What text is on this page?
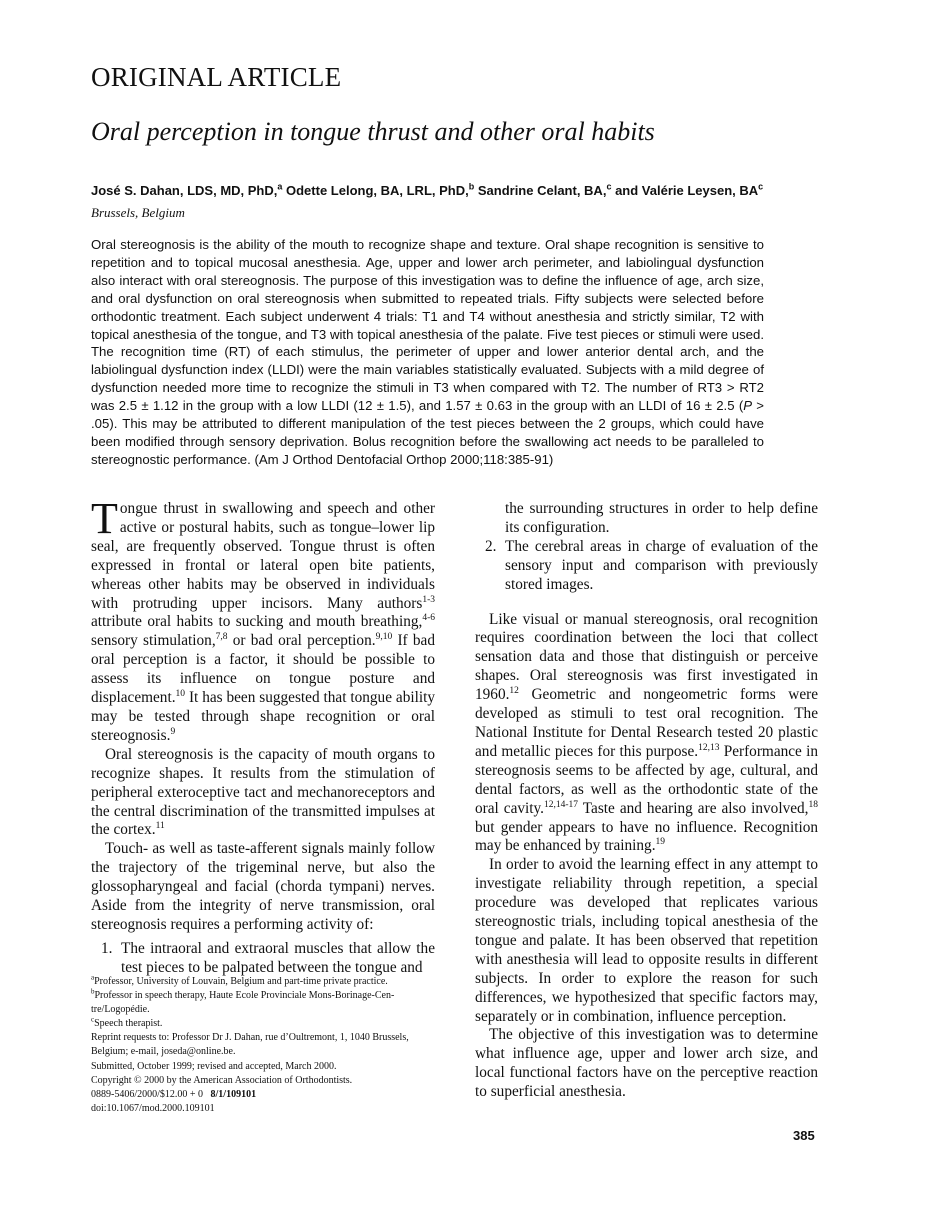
ORIGINAL ARTICLE
Oral perception in tongue thrust and other oral habits
José S. Dahan, LDS, MD, PhD,$^a$ Odette Lelong, BA, LRL, PhD,$^b$ Sandrine Celant, BA,$^c$ and Valérie Leysen, $BA^c$
Brussels, Belgium
Oral stereognosis is the ability of the mouth to recognize shape and texture. Oral shape recognition is sensitive to repetition and to topical mucosal anesthesia. Age, upper and lower arch perimeter, and labiolingual dysfunction also interact with oral stereognosis. The purpose of this investigation was to define the influence of age, arch size, and oral dysfunction on oral stereognosis when submitted to repeated trials. Fifty subjects were selected before orthodontic treatment. Each subject underwent 4 trials: T1 and T4 without anesthesia and strictly similar, T2 with topical anesthesia of the tongue, and T3 with topical anesthesia of the palate. Five test pieces or stimuli were used. The recognition time (RT) of each stimulus, the perimeter of upper and lower anterior dental arch, and the labiolingual dysfunction index (LLDI) were the main variables statistically evaluated. Subjects with a mild degree of dysfunction needed more time to recognize the stimuli in T3 when compared with T2. The number of RT3 > RT2 was 2.5 ± 1.12 in the group with a low LLDI (12 ± 1.5), and 1.57 ± 0.63 in the group with an LLDI of 16 ± 2.5 (P > .05). This may be attributed to different manipulation of the test pieces between the 2 groups, which could have been modified through sensory deprivation. Bolus recognition before the swallowing act needs to be paralleled to stereognostic performance. (Am J Orthod Dentofacial Orthop 2000;118:385-91)

Tongue thrust in swallowing and speech and other active or postural habits, such as tongue–lower lip seal, are frequently observed. Tongue thrust is often expressed in frontal or lateral open bite patients, whereas other habits may be observed in individuals with protruding upper incisors. Many authors$^{1-3}$ attribute oral habits to sucking and mouth breathing,$^{4-6}$ sensory stimulation,$^{7,8}$ or bad oral perception.$^{9,10}$ If bad oral perception is a factor, it should be possible to assess its influence on tongue posture and displacement.$^{10}$ It has been suggested that tongue ability may be tested through shape recognition or oral stereognosis.$^9$

Oral stereognosis is the capacity of mouth organs to recognize shapes. It results from the stimulation of peripheral exteroceptive tact and mechanoreceptors and the central discrimination of the transmitted impulses at the cortex.$^{11}$

Touch- as well as taste-afferent signals mainly follow the trajectory of the trigeminal nerve, but also the glossopharyngeal and facial (chorda tympani) nerves. Aside from the integrity of nerve transmission, oral stereognosis requires a performing activity of:

1. The intraoral and extraoral muscles that allow the test pieces to be palpated between the tongue and
the surrounding structures in order to help define its configuration.
2. The cerebral areas in charge of evaluation of the sensory input and comparison with previously stored images.

Like visual or manual stereognosis, oral recognition requires coordination between the loci that collect sensation data and those that distinguish or perceive shapes. Oral stereognosis was first investigated in 1960.12 Geometric and nongeometric forms were developed as stimuli to test oral recognition. The National Institute for Dental Research tested 20 plastic and metallic pieces for this purpose.$^{12,13}$ Performance in stereognosis seems to be affected by age, cultural, and dental factors, as well as the orthodontic state of the oral cavity.$^{12,14-17}$ Taste and hearing are also involved,$^{18}$ but gender appears to have no influence. Recognition may be enhanced by training.$^{19}$

In order to avoid the learning effect in any attempt to investigate reliability through repetition, a special procedure was developed that replicates various stereognostic trials, including topical anesthesia of the tongue and palate. It has been observed that repetition with anesthesia will lead to opposite results in different subjects. In order to explore the reason for such differences, we hypothesized that specific factors may, separately or in combination, influence perception.

The objective of this investigation was to determine what influence age, upper and lower arch size, and local functional factors have on the perceptive reaction to superficial anesthesia.

$^a$Professor, University of Louvain, Belgium and part-time private practice.
$^b$Professor in speech therapy, Haute Ecole Provinciale Mons-Borinage-Cen-
tre/Logopédie.
$^c$Speech therapist.
Reprint requests to: Professor Dr J. Dahan, rue d’Oultremont, 1, 1040 Brussels,
Belgium; e-mail, joseda@online.be.
Submitted, October 1999; revised and accepted, March 2000.
Copyright © 2000 by the American Association of Orthodontists.
0889-5406/2000/$12.00 + 0 8/1/109101
doi:10.1067/mod.2000.109101
385
